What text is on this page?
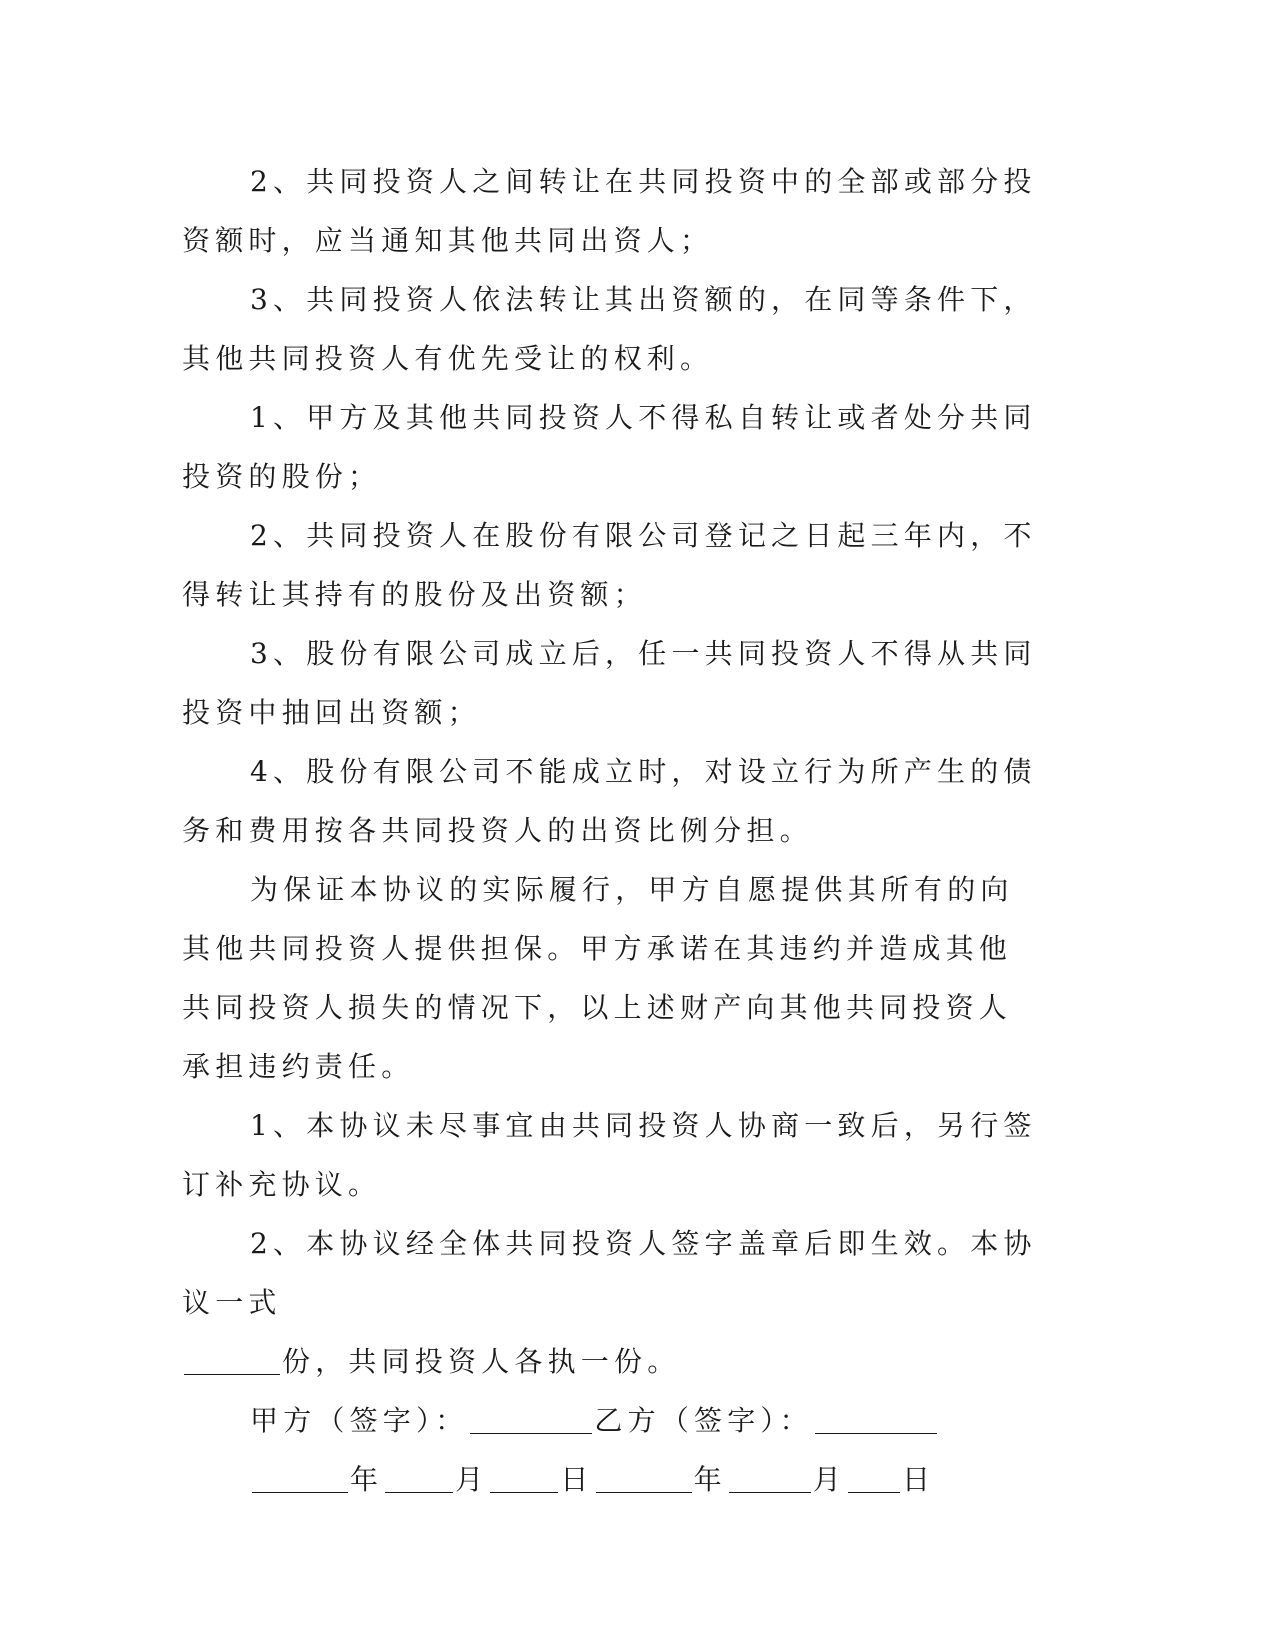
2、共同投资人之间转让在共同投资中的全部或部分投资额时，应当通知其他共同出资人；

3、共同投资人依法转让其出资额的，在同等条件下，其他共同投资人有优先受让的权利。

1、甲方及其他共同投资人不得私自转让或者处分共同投资的股份；

2、共同投资人在股份有限公司登记之日起三年内，不得转让其持有的股份及出资额；

3、股份有限公司成立后，任一共同投资人不得从共同投资中抽回出资额；

4、股份有限公司不能成立时，对设立行为所产生的债务和费用按各共同投资人的出资比例分担。

为保证本协议的实际履行，甲方自愿提供其所有的向其他共同投资人提供担保。甲方承诺在其违约并造成其他共同投资人损失的情况下，以上述财产向其他共同投资人承担违约责任。

1、本协议未尽事宜由共同投资人协商一致后，另行签订补充协议。

2、本协议经全体共同投资人签字盖章后即生效。本协议一式

份，共同投资人各执一份。

甲方（签字）：	乙方（签字）：

年	月	日	年	月 日
